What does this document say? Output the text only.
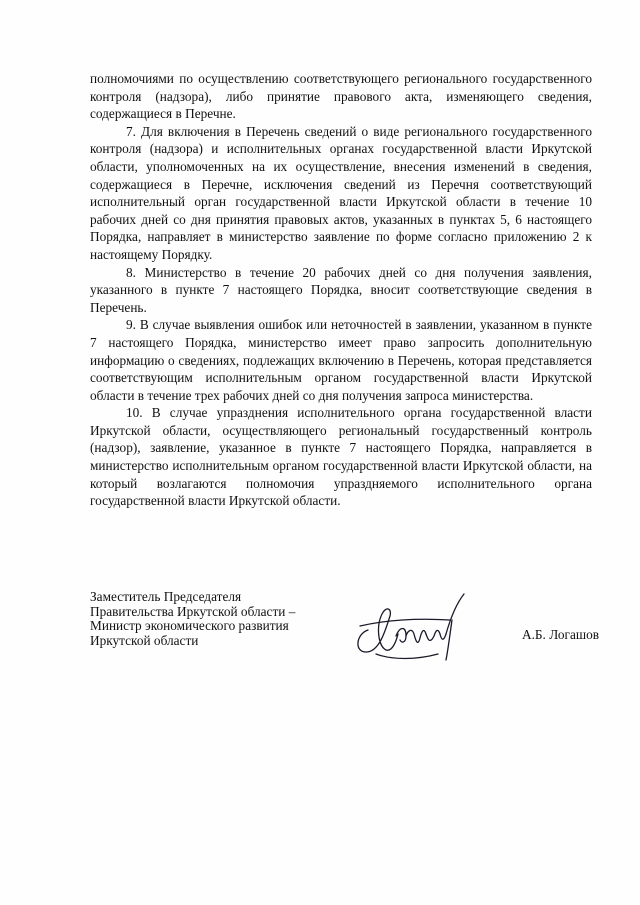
полномочиями по осуществлению соответствующего регионального государственного контроля (надзора), либо принятие правового акта, изменяющего сведения, содержащиеся в Перечне.

7. Для включения в Перечень сведений о виде регионального государственного контроля (надзора) и исполнительных органах государственной власти Иркутской области, уполномоченных на их осуществление, внесения изменений в сведения, содержащиеся в Перечне, исключения сведений из Перечня соответствующий исполнительный орган государственной власти Иркутской области в течение 10 рабочих дней со дня принятия правовых актов, указанных в пунктах 5, 6 настоящего Порядка, направляет в министерство заявление по форме согласно приложению 2 к настоящему Порядку.

8. Министерство в течение 20 рабочих дней со дня получения заявления, указанного в пункте 7 настоящего Порядка, вносит соответствующие сведения в Перечень.

9. В случае выявления ошибок или неточностей в заявлении, указанном в пункте 7 настоящего Порядка, министерство имеет право запросить дополнительную информацию о сведениях, подлежащих включению в Перечень, которая представляется соответствующим исполнительным органом государственной власти Иркутской области в течение трех рабочих дней со дня получения запроса министерства.

10. В случае упразднения исполнительного органа государственной власти Иркутской области, осуществляющего региональный государственный контроль (надзор), заявление, указанное в пункте 7 настоящего Порядка, направляется в министерство исполнительным органом государственной власти Иркутской области, на который возлагаются полномочия упраздняемого исполнительного органа государственной власти Иркутской области.

Заместитель Председателя
Правительства Иркутской области –
Министр экономического развития
Иркутской области	А.Б. Логашов
